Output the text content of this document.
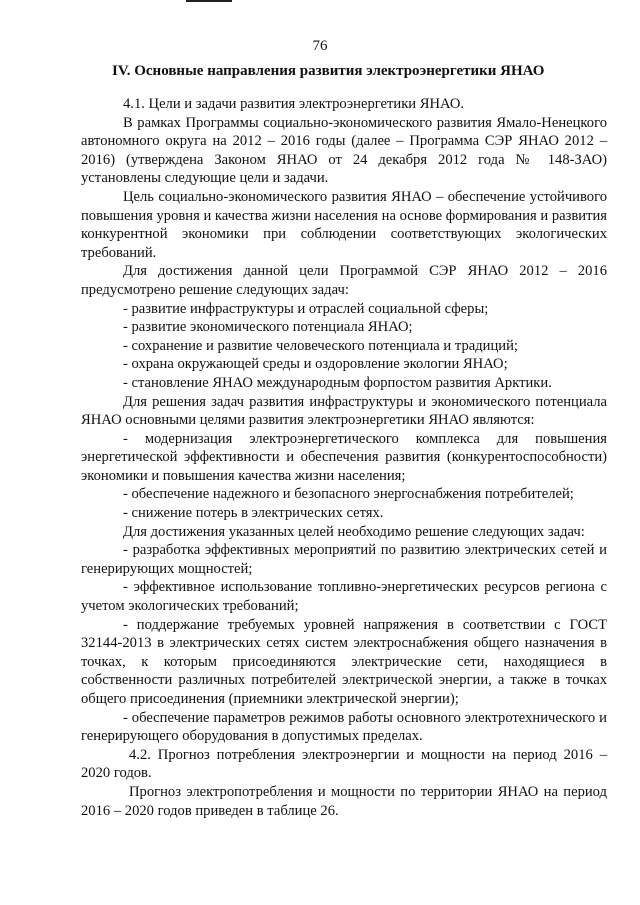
76
IV. Основные направления развития электроэнергетики ЯНАО

4.1. Цели и задачи развития электроэнергетики ЯНАО.

В рамках Программы социально-экономического развития Ямало-Ненецкого автономного округа на 2012 – 2016 годы (далее – Программа СЭР ЯНАО 2012 – 2016) (утверждена Законом ЯНАО от 24 декабря 2012 года № 148-ЗАО) установлены следующие цели и задачи.

Цель социально-экономического развития ЯНАО – обеспечение устойчивого повышения уровня и качества жизни населения на основе формирования и развития конкурентной экономики при соблюдении соответствующих экологических требований.

Для достижения данной цели Программой СЭР ЯНАО 2012 – 2016 предусмотрено решение следующих задач:

- развитие инфраструктуры и отраслей социальной сферы;

- развитие экономического потенциала ЯНАО;

- сохранение и развитие человеческого потенциала и традиций;

- охрана окружающей среды и оздоровление экологии ЯНАО;

- становление ЯНАО международным форпостом развития Арктики.

Для решения задач развития инфраструктуры и экономического потенциала ЯНАО основными целями развития электроэнергетики ЯНАО являются:

- модернизация электроэнергетического комплекса для повышения энергетической эффективности и обеспечения развития (конкурентоспособности) экономики и повышения качества жизни населения;

- обеспечение надежного и безопасного энергоснабжения потребителей;

- снижение потерь в электрических сетях.

Для достижения указанных целей необходимо решение следующих задач:

- разработка эффективных мероприятий по развитию электрических сетей и генерирующих мощностей;

- эффективное использование топливно-энергетических ресурсов региона с учетом экологических требований;

- поддержание требуемых уровней напряжения в соответствии с ГОСТ 32144-2013 в электрических сетях систем электроснабжения общего назначения в точках, к которым присоединяются электрические сети, находящиеся в собственности различных потребителей электрической энергии, а также в точках общего присоединения (приемники электрической энергии);

- обеспечение параметров режимов работы основного электротехнического и генерирующего оборудования в допустимых пределах.

4.2. Прогноз потребления электроэнергии и мощности на период 2016 – 2020 годов.

Прогноз электропотребления и мощности по территории ЯНАО на период 2016 – 2020 годов приведен в таблице 26.
